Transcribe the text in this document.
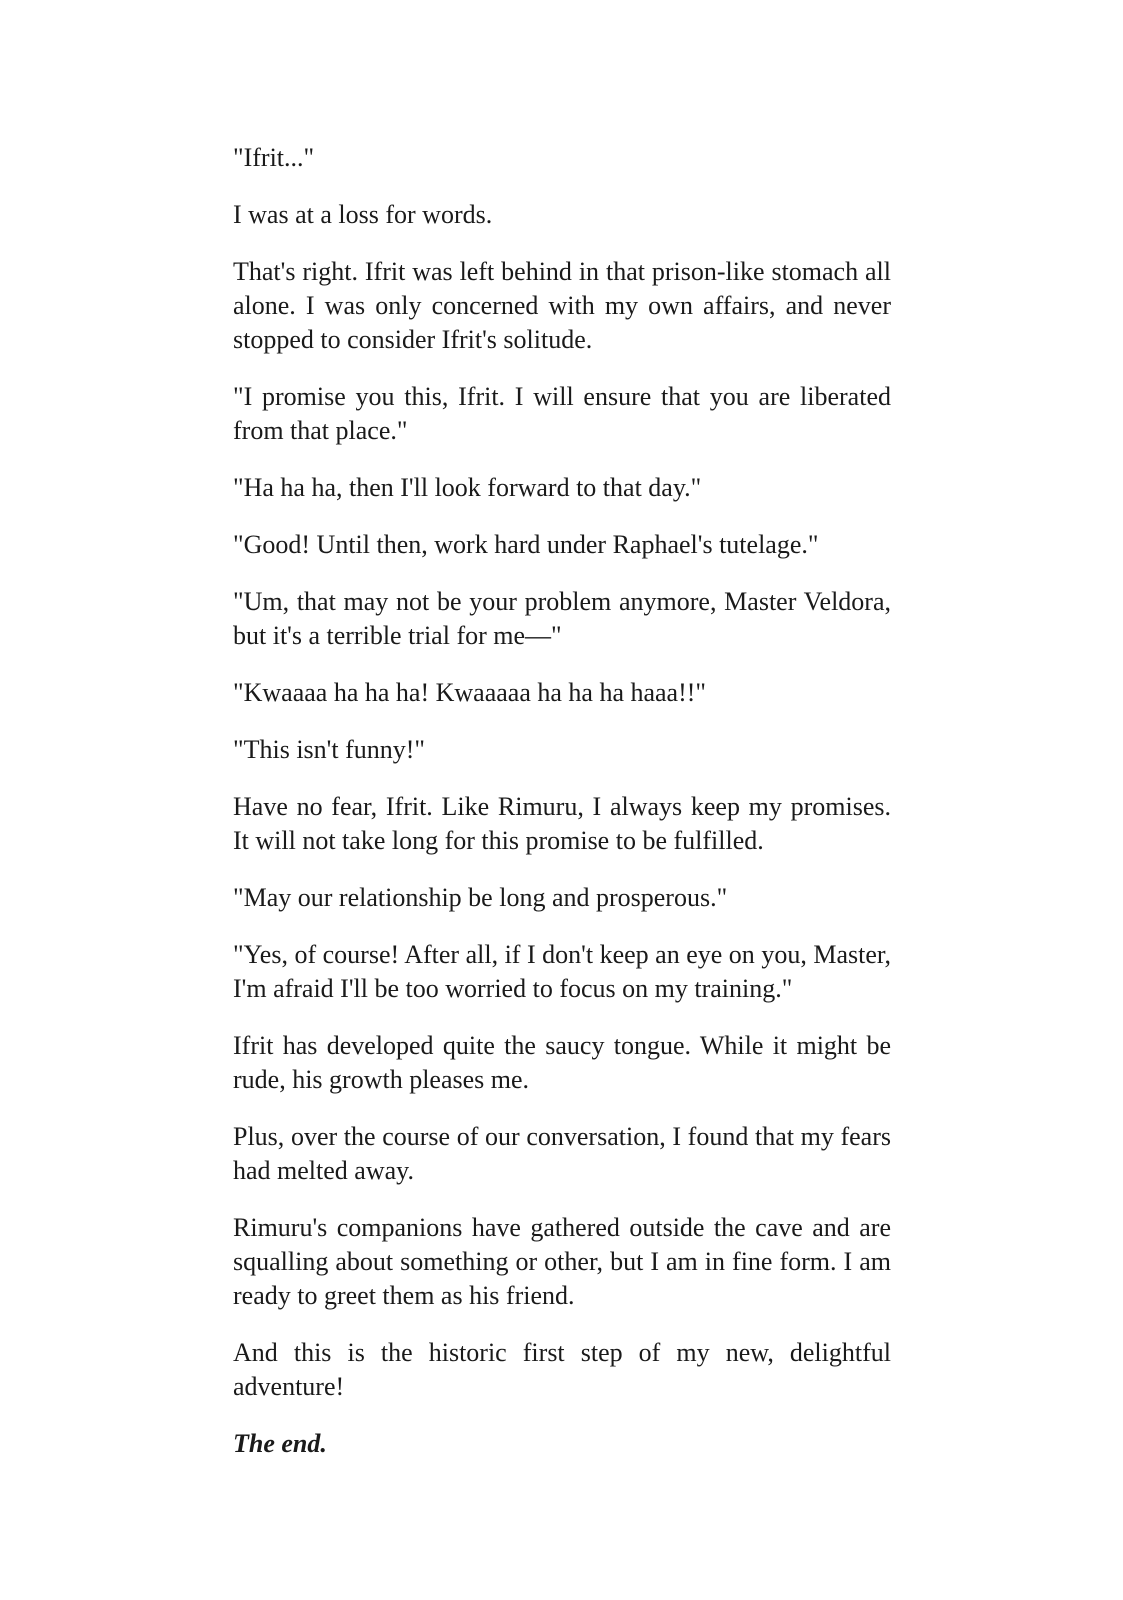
"Ifrit..."

I was at a loss for words.

That's right. Ifrit was left behind in that prison-like stomach all alone. I was only concerned with my own affairs, and never stopped to consider Ifrit's solitude.

"I promise you this, Ifrit. I will ensure that you are liberated from that place."

"Ha ha ha, then I'll look forward to that day."

"Good! Until then, work hard under Raphael's tutelage."

"Um, that may not be your problem anymore, Master Veldora, but it's a terrible trial for me—"

"Kwaaaa ha ha ha! Kwaaaaa ha ha ha haaa!!"

"This isn't funny!"

Have no fear, Ifrit. Like Rimuru, I always keep my promises. It will not take long for this promise to be fulfilled.

"May our relationship be long and prosperous."

"Yes, of course! After all, if I don't keep an eye on you, Master, I'm afraid I'll be too worried to focus on my training."

Ifrit has developed quite the saucy tongue. While it might be rude, his growth pleases me.

Plus, over the course of our conversation, I found that my fears had melted away.

Rimuru's companions have gathered outside the cave and are squalling about something or other, but I am in fine form. I am ready to greet them as his friend.

And this is the historic first step of my new, delightful adventure!

The end.
